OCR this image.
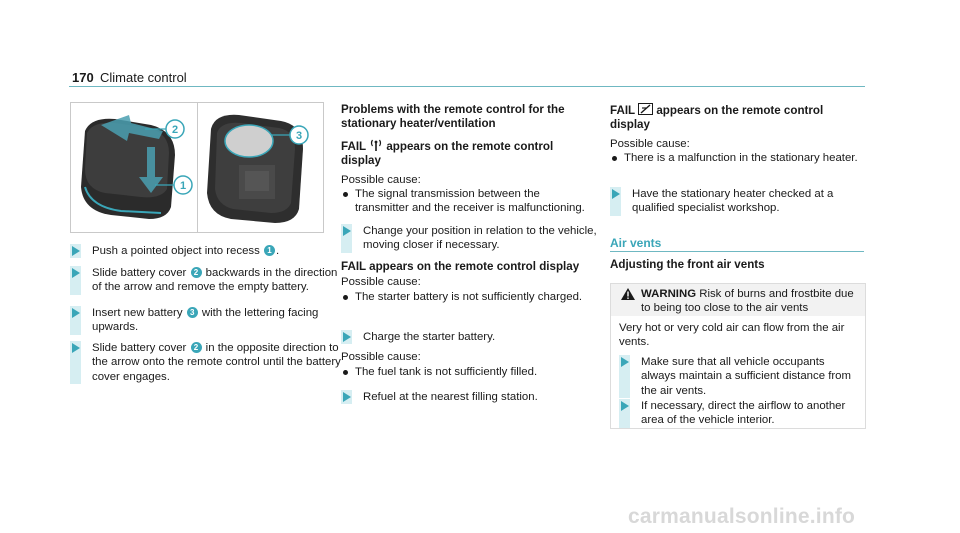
170 Climate control
2
1
3
Push a pointed object into recess 1 .
Slide battery cover 2 backwards in the direction of the arrow and remove the empty battery.
Insert new battery 3 with the lettering facing upwards.
Slide battery cover 2 in the opposite direction to the arrow onto the remote control until the battery cover engages.
Problems with the remote control for the stationary heater/ventilation
FAIL  appears on the remote control display
Possible cause:
The signal transmission between the transmitter and the receiver is malfunctioning.
Change your position in relation to the vehicle, moving closer if necessary.
FAIL appears on the remote control display
Possible cause:
The starter battery is not sufficiently charged.
Charge the starter battery.
Possible cause:
The fuel tank is not sufficiently filled.
Refuel at the nearest filling station.
FAIL
appears on the remote control display
Possible cause:
There is a malfunction in the stationary heater.
Have the stationary heater checked at a qualified specialist workshop.
Air vents
Adjusting the front air vents
WARNING Risk of burns and frostbite due to being too close to the air vents
Very hot or very cold air can flow from the air vents.
Make sure that all vehicle occupants always maintain a sufficient distance from the air vents.
If necessary, direct the airflow to another area of the vehicle interior.
carmanualsonline.info
